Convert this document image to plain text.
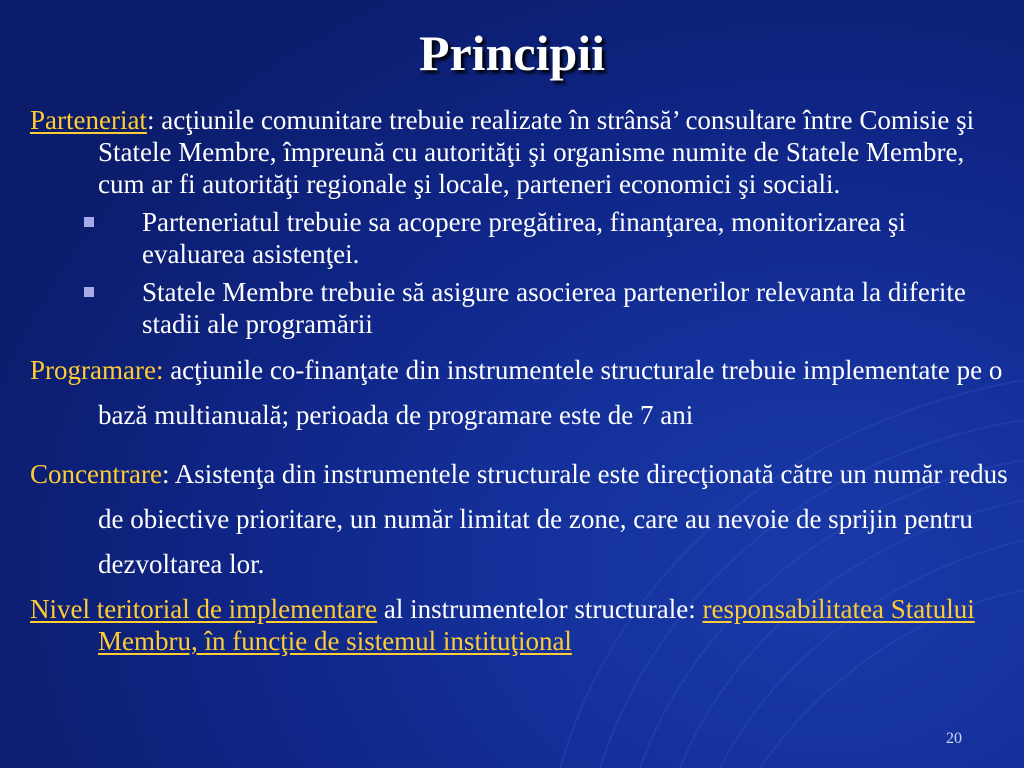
Principii
Parteneriat: acţiunile comunitare trebuie realizate în strânsă’ consultare între Comisie şi Statele Membre, împreună cu autorităţi şi organisme numite de Statele Membre, cum ar fi autorităţi regionale şi locale, parteneri economici şi sociali.
Parteneriatul trebuie sa acopere pregătirea, finanţarea, monitorizarea şi evaluarea asistenţei.
Statele Membre trebuie să asigure asocierea partenerilor relevanta la diferite stadii ale programării
Programare: acţiunile co-finanţate din instrumentele structurale trebuie implementate pe o bază multianuală; perioada de programare este de 7 ani
Concentrare: Asistenţa din instrumentele structurale este direcţionată către un număr redus de obiective prioritare, un număr limitat de zone, care au nevoie de sprijin pentru dezvoltarea lor.
Nivel teritorial de implementare al instrumentelor structurale: responsabilitatea Statului Membru, în funcţie de sistemul instituţional
20
